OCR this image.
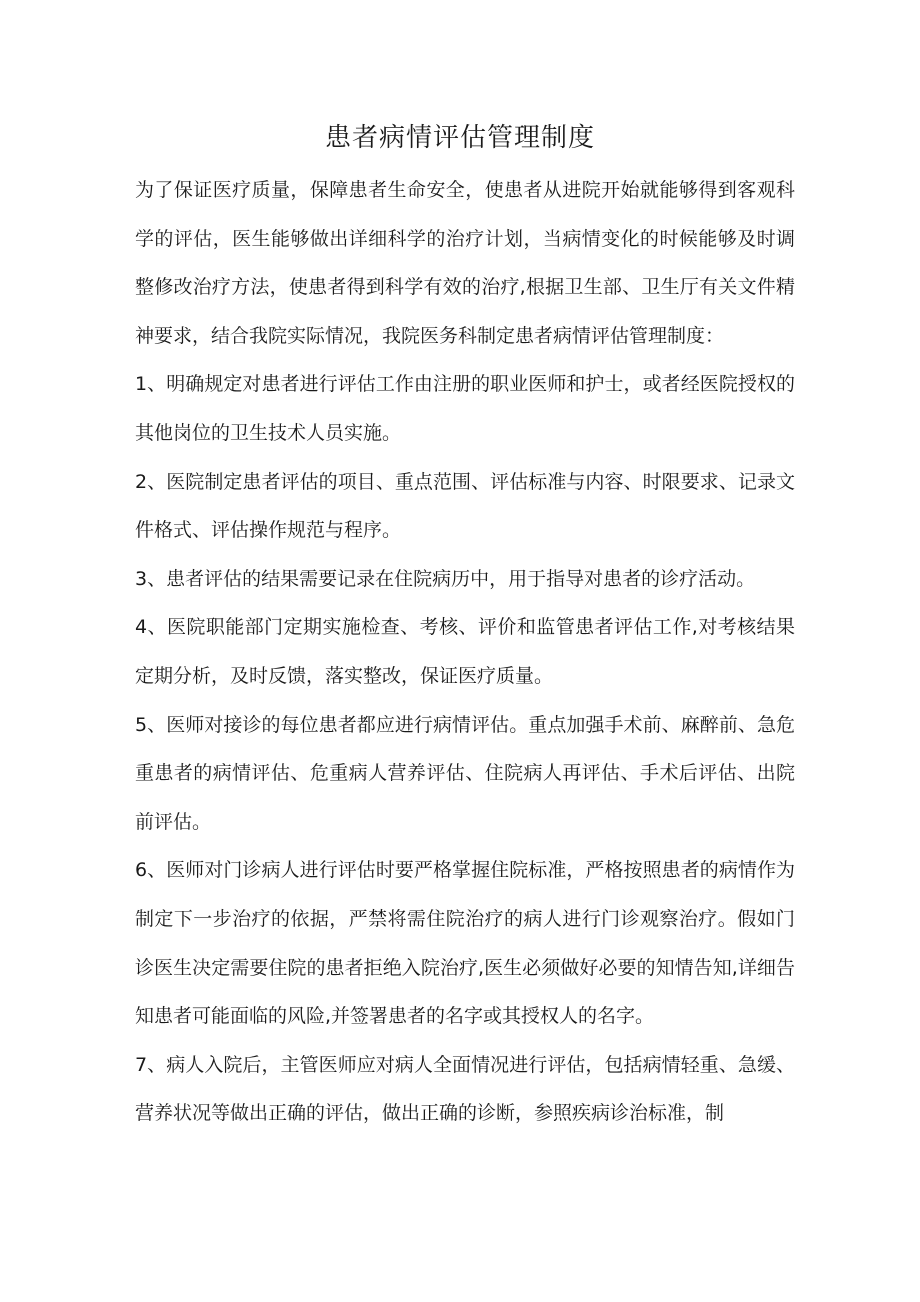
患者病情评估管理制度

为了保证医疗质量，保障患者生命安全，使患者从进院开始就能够得到客观科学的评估，医生能够做出详细科学的治疗计划，当病情变化的时候能够及时调整修改治疗方法，使患者得到科学有效的治疗,根据卫生部、卫生厅有关文件精神要求，结合我院实际情况，我院医务科制定患者病情评估管理制度：

1、明确规定对患者进行评估工作由注册的职业医师和护士，或者经医院授权的其他岗位的卫生技术人员实施。

2、医院制定患者评估的项目、重点范围、评估标准与内容、时限要求、记录文件格式、评估操作规范与程序。

3、患者评估的结果需要记录在住院病历中，用于指导对患者的诊疗活动。

4、医院职能部门定期实施检查、考核、评价和监管患者评估工作,对考核结果定期分析，及时反馈，落实整改，保证医疗质量。

5、医师对接诊的每位患者都应进行病情评估。重点加强手术前、麻醉前、急危重患者的病情评估、危重病人营养评估、住院病人再评估、手术后评估、出院前评估。

6、医师对门诊病人进行评估时要严格掌握住院标准，严格按照患者的病情作为制定下一步治疗的依据，严禁将需住院治疗的病人进行门诊观察治疗。假如门诊医生决定需要住院的患者拒绝入院治疗,医生必须做好必要的知情告知,详细告知患者可能面临的风险,并签署患者的名字或其授权人的名字。

7、病人入院后，主管医师应对病人全面情况进行评估，包括病情轻重、急缓、营养状况等做出正确的评估，做出正确的诊断，参照疾病诊治标准，制
